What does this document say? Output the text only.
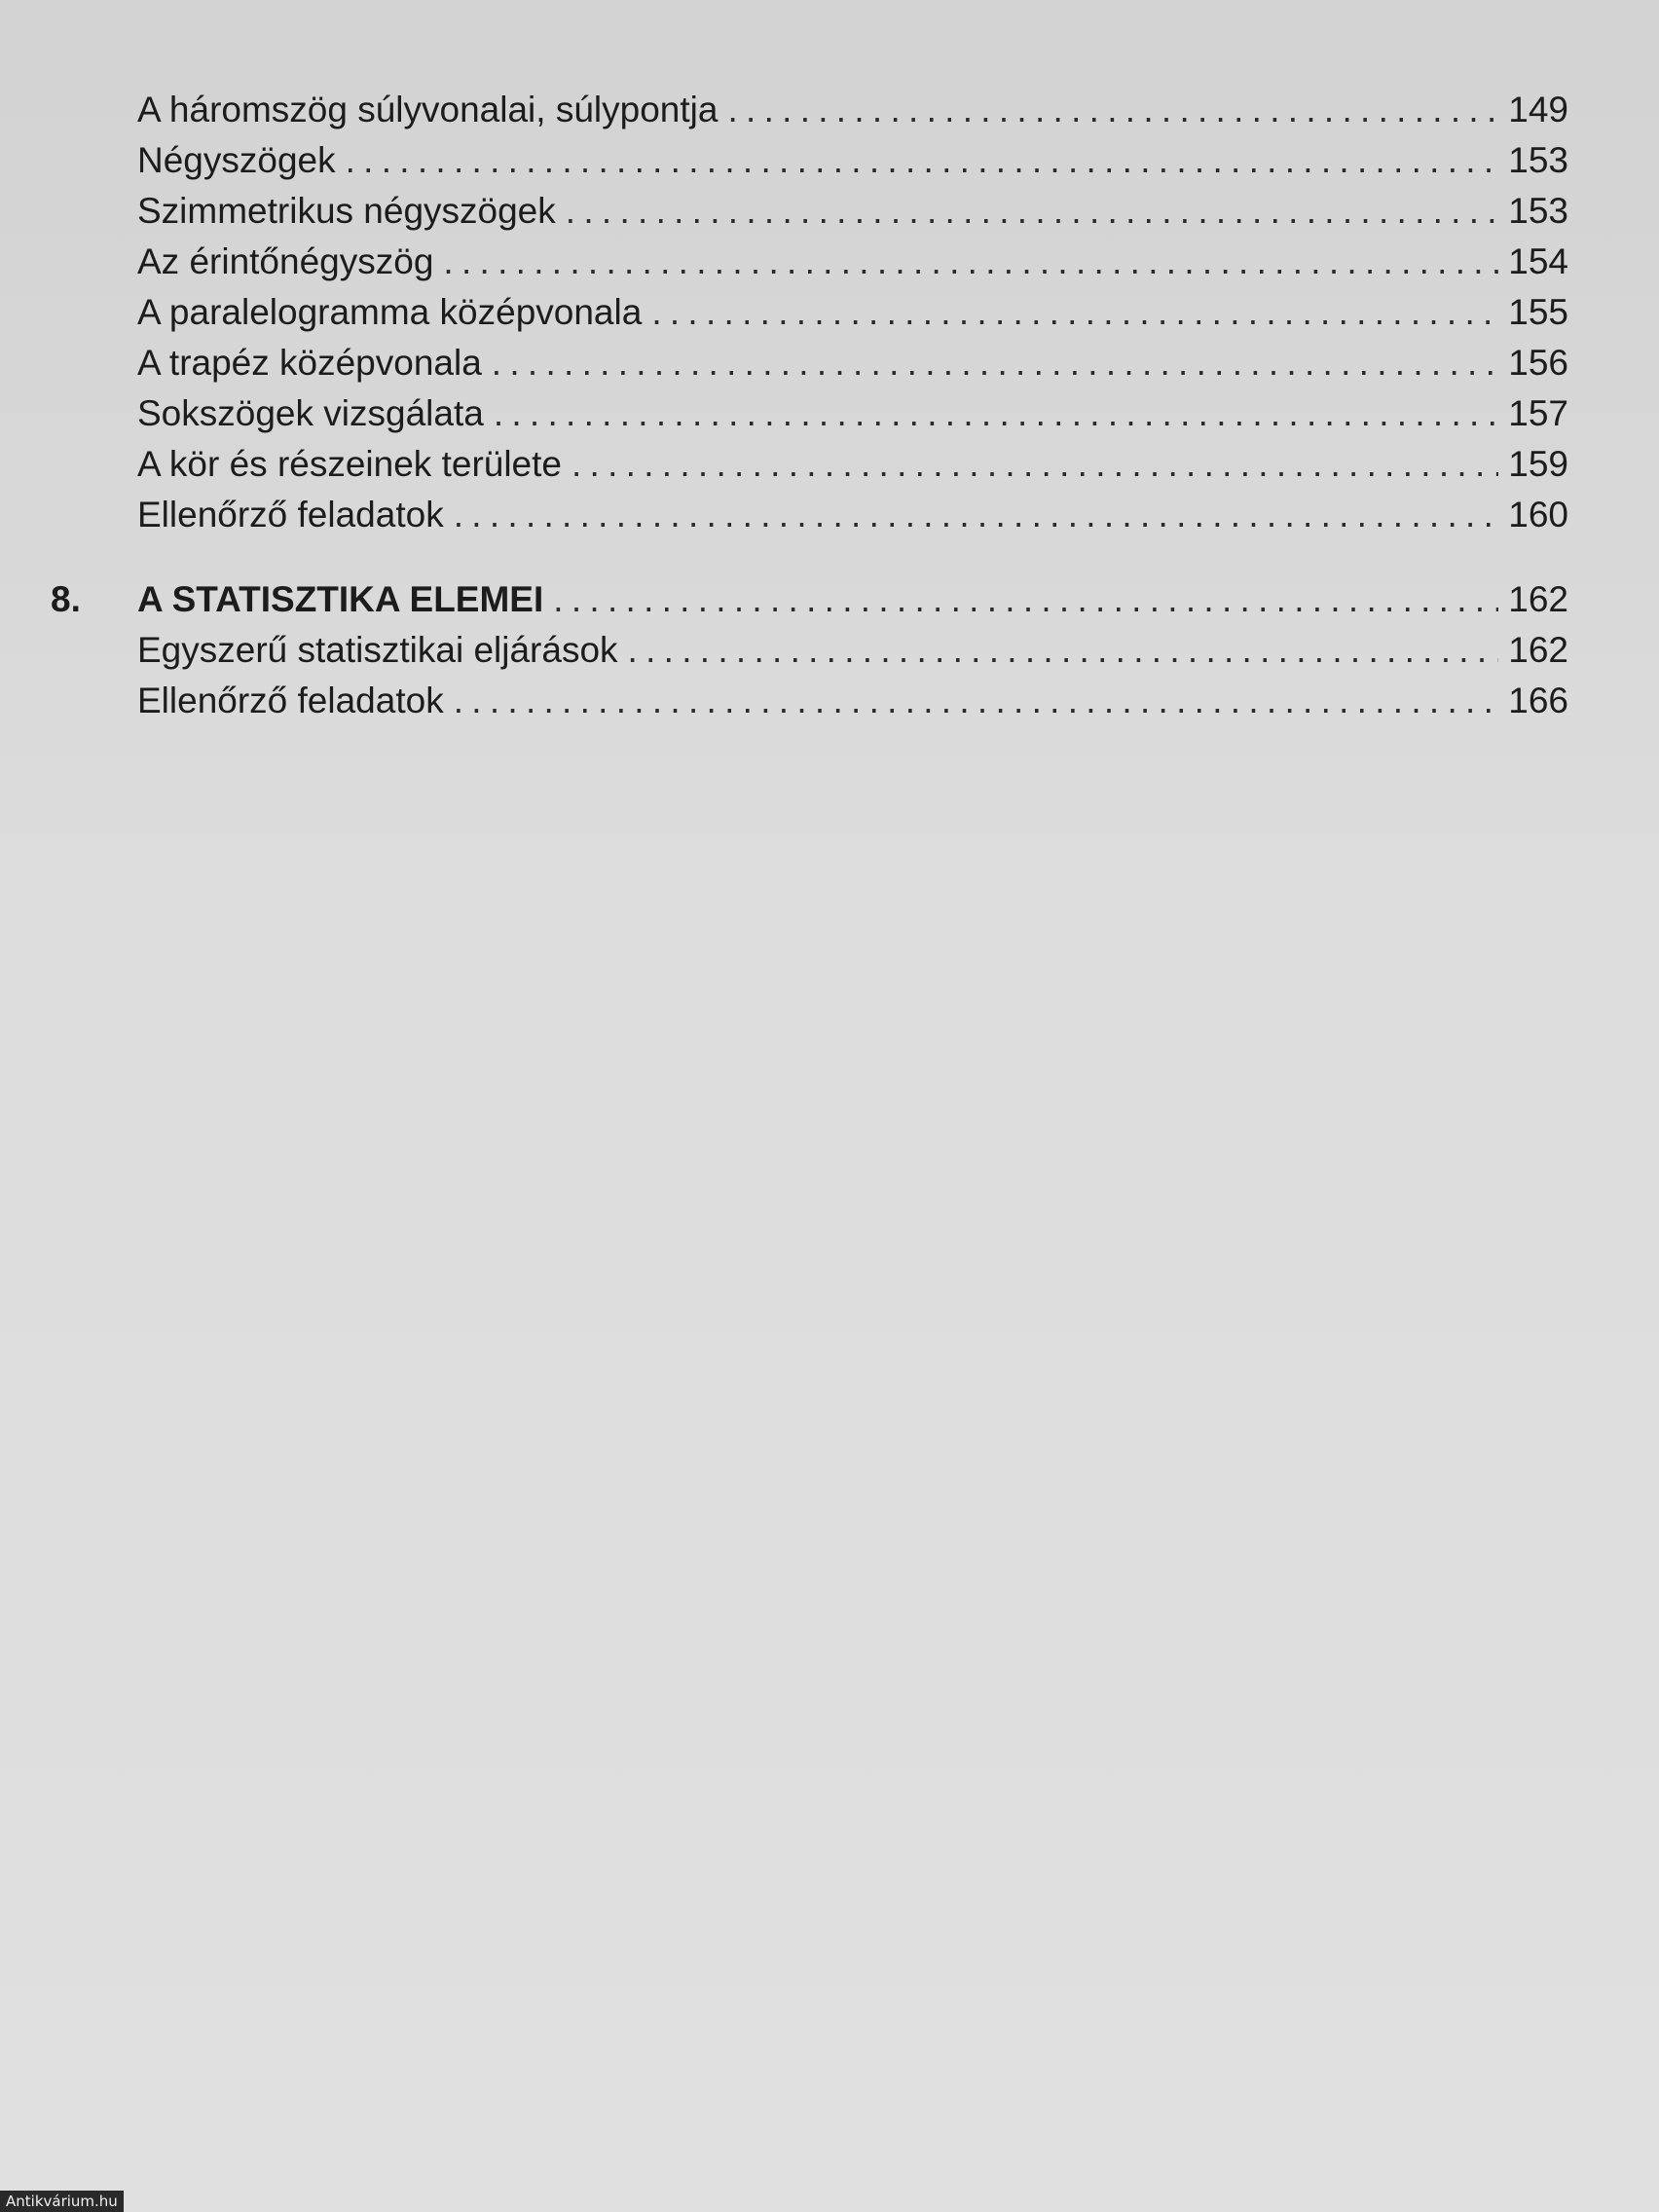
A háromszög súlyvonalai, súlypontja . . .	149
Négyszögek . . .	153
Szimmetrikus négyszögek . . .	153
Az érintőnégyszög . . .	154
A paralelogramma középvonala . . .	155
A trapéz középvonala . . .	156
Sokszögek vizsgálata . . .	157
A kör és részeinek területe . . .	159
Ellenőrző feladatok . . .	160
8. A STATISZTIKA ELEMEI . . .	162
Egyszerű statisztikai eljárások . . .	162
Ellenőrző feladatok . . .	166
Antikvárium.hu
